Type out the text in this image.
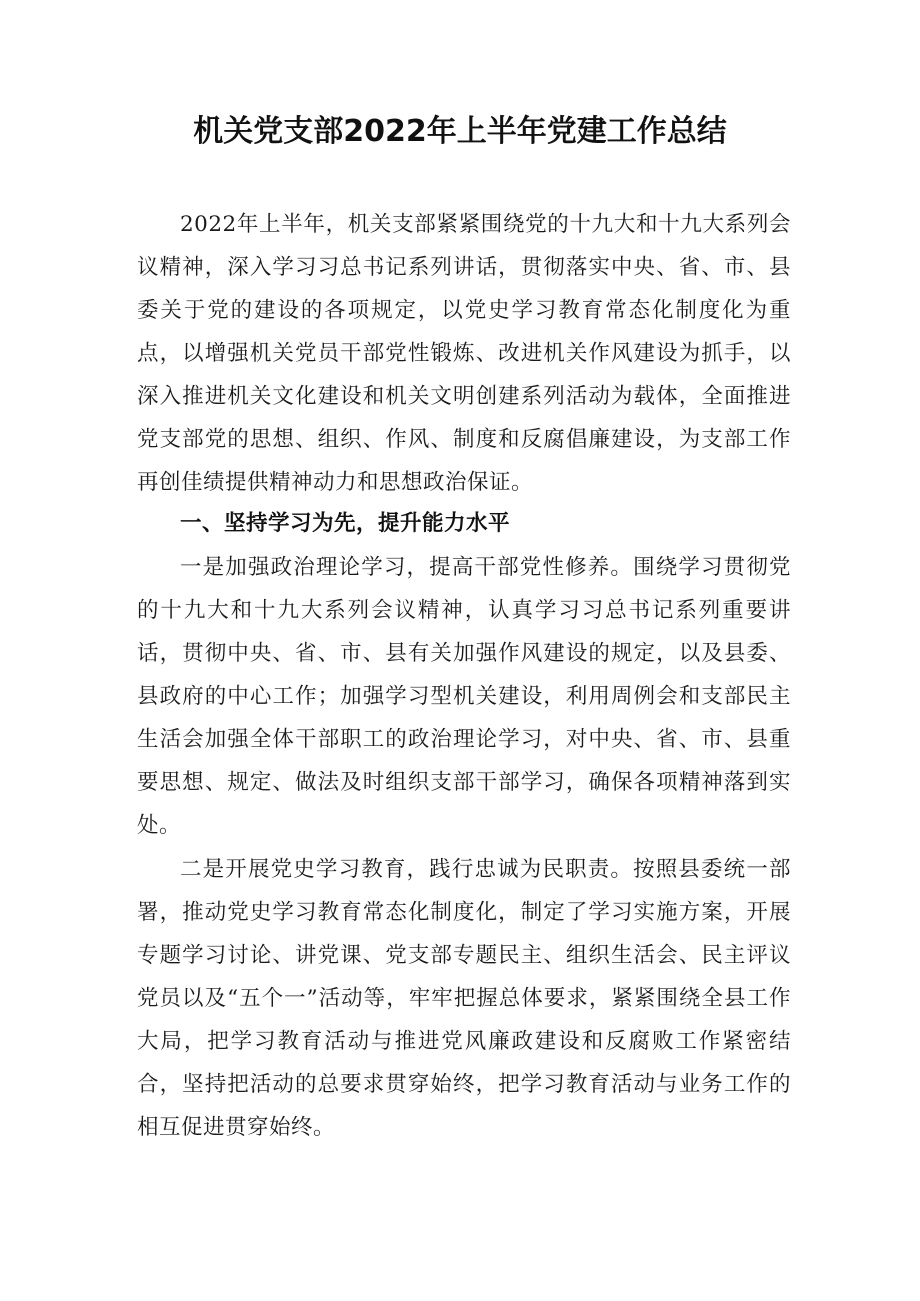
机关党支部2022年上半年党建工作总结

2022年上半年，机关支部紧紧围绕党的十九大和十九大系列会议精神，深入学习习总书记系列讲话，贯彻落实中央、省、市、县委关于党的建设的各项规定，以党史学习教育常态化制度化为重点，以增强机关党员干部党性锻炼、改进机关作风建设为抓手，以深入推进机关文化建设和机关文明创建系列活动为载体，全面推进党支部党的思想、组织、作风、制度和反腐倡廉建设，为支部工作再创佳绩提供精神动力和思想政治保证。

一、坚持学习为先，提升能力水平

一是加强政治理论学习，提高干部党性修养。围绕学习贯彻党的十九大和十九大系列会议精神，认真学习习总书记系列重要讲话，贯彻中央、省、市、县有关加强作风建设的规定，以及县委、县政府的中心工作；加强学习型机关建设，利用周例会和支部民主生活会加强全体干部职工的政治理论学习，对中央、省、市、县重要思想、规定、做法及时组织支部干部学习，确保各项精神落到实处。

二是开展党史学习教育，践行忠诚为民职责。按照县委统一部署，推动党史学习教育常态化制度化，制定了学习实施方案，开展专题学习讨论、讲党课、党支部专题民主、组织生活会、民主评议党员以及“五个一”活动等，牢牢把握总体要求，紧紧围绕全县工作大局，把学习教育活动与推进党风廉政建设和反腐败工作紧密结合，坚持把活动的总要求贯穿始终，把学习教育活动与业务工作的相互促进贯穿始终。
